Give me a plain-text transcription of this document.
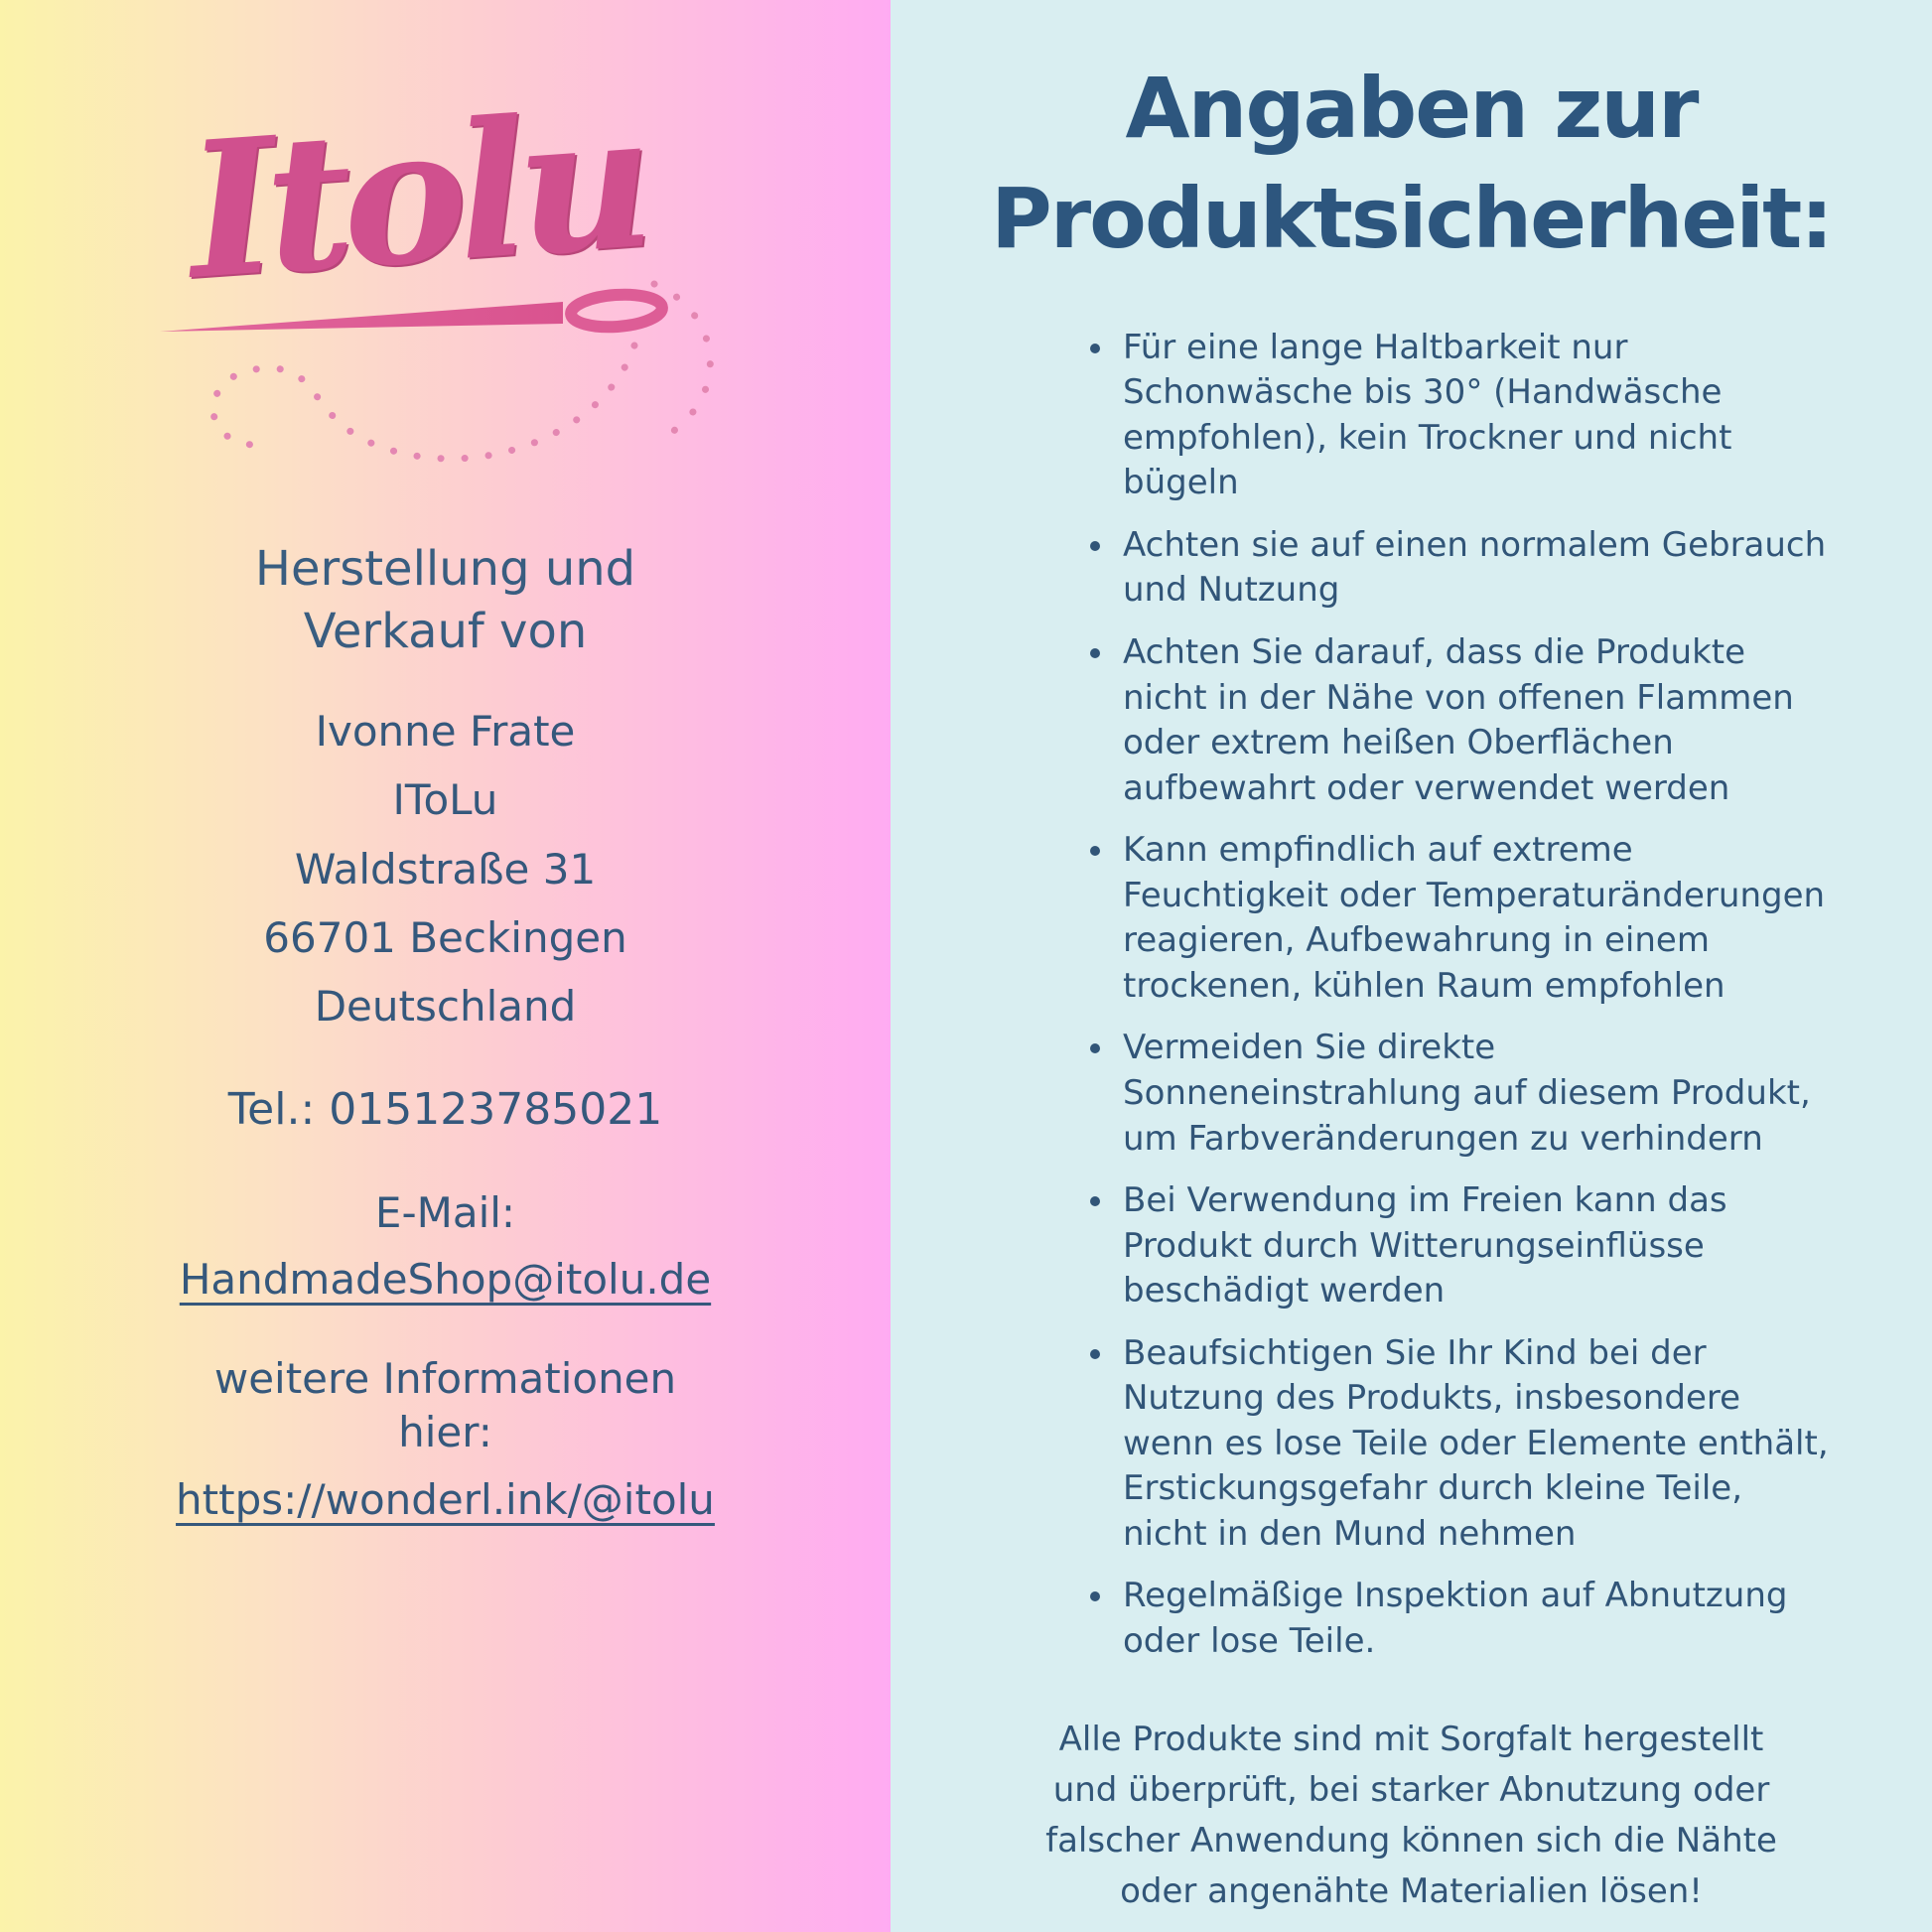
Itolu
Herstellung und Verkauf von
Ivonne Frate
IToLu
Waldstraße 31
66701 Beckingen
Deutschland
Tel.: 015123785021
E-Mail:
HandmadeShop@itolu.de
weitere Informationen hier:
https://wonderl.ink/@itolu
Angaben zur Produktsicherheit:
• Für eine lange Haltbarkeit nur Schonwäsche bis 30° (Handwäsche empfohlen), kein Trockner und nicht bügeln
• Achten sie auf einen normalem Gebrauch und Nutzung
• Achten Sie darauf, dass die Produkte nicht in der Nähe von offenen Flammen oder extrem heißen Oberflächen aufbewahrt oder verwendet werden
• Kann empfindlich auf extreme Feuchtigkeit oder Temperaturänderungen reagieren, Aufbewahrung in einem trockenen, kühlen Raum empfohlen
• Vermeiden Sie direkte Sonneneinstrahlung auf diesem Produkt, um Farbveränderungen zu verhindern
• Bei Verwendung im Freien kann das Produkt durch Witterungseinflüsse beschädigt werden
• Beaufsichtigen Sie Ihr Kind bei der Nutzung des Produkts, insbesondere wenn es lose Teile oder Elemente enthält, Erstickungsgefahr durch kleine Teile, nicht in den Mund nehmen
• Regelmäßige Inspektion auf Abnutzung oder lose Teile.
Alle Produkte sind mit Sorgfalt hergestellt und überprüft, bei starker Abnutzung oder falscher Anwendung können sich die Nähte oder angenähte Materialien lösen!
